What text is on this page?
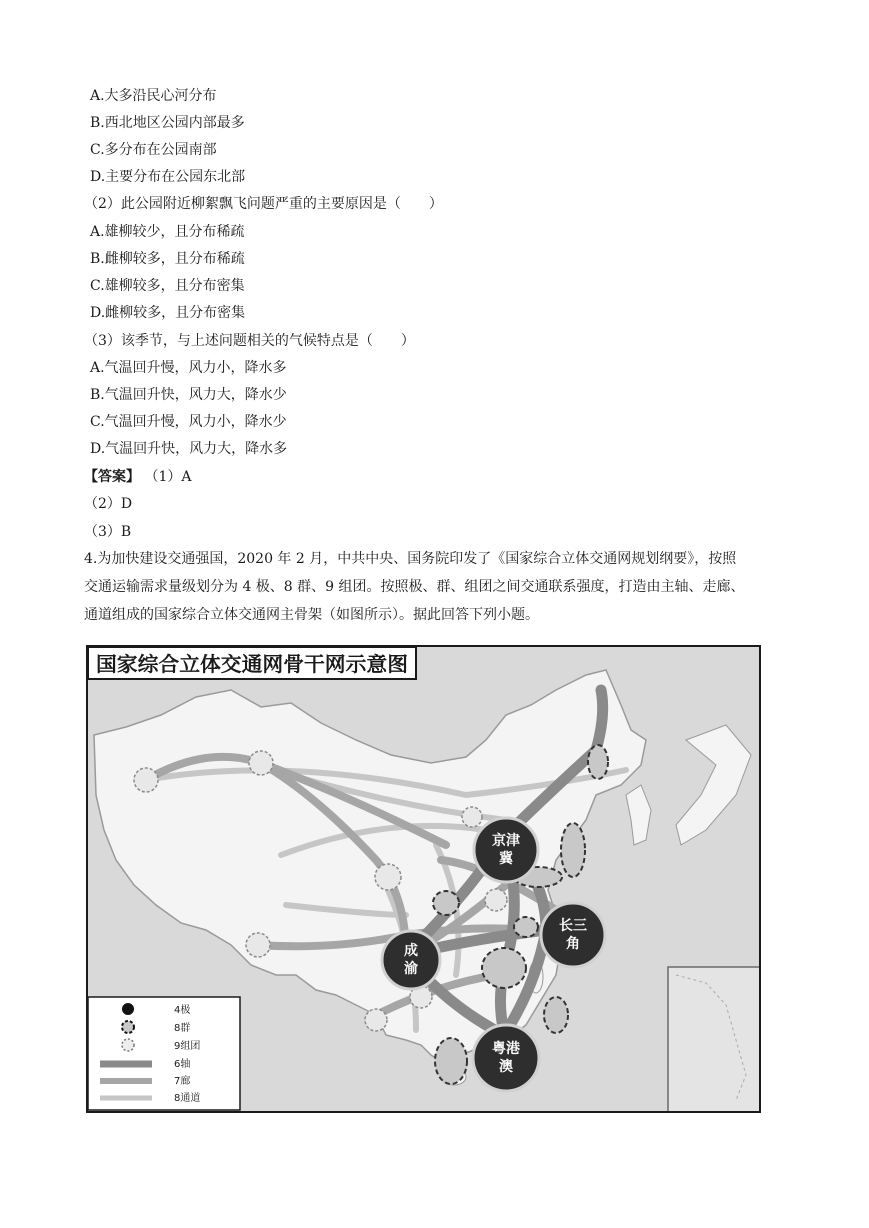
A.大多沿民心河分布
B.西北地区公园内部最多
C.多分布在公园南部
D.主要分布在公园东北部
（2）此公园附近柳絮飘飞问题严重的主要原因是（　　）
A.雄柳较少，且分布稀疏
B.雌柳较多，且分布稀疏
C.雄柳较多，且分布密集
D.雌柳较多，且分布密集
（3）该季节，与上述问题相关的气候特点是（　　）
A.气温回升慢，风力小，降水多
B.气温回升快，风力大，降水少
C.气温回升慢，风力小，降水少
D.气温回升快，风力大，降水多
【答案】 （1）A
（2）D
（3）B
4.为加快建设交通强国，2020 年 2 月，中共中央、国务院印发了《国家综合立体交通网规划纲要》，按照
交通运输需求量级划分为 4 极、8 群、9 组团。按照极、群、组团之间交通联系强度，打造由主轴、走廊、
通道组成的国家综合立体交通网主骨架（如图所示）。据此回答下列小题。
京津
冀
长三
角
成
渝
粤港
澳
国家综合立体交通网骨干网示意图
4极
8群
9组团
6轴
7廊
8通道
